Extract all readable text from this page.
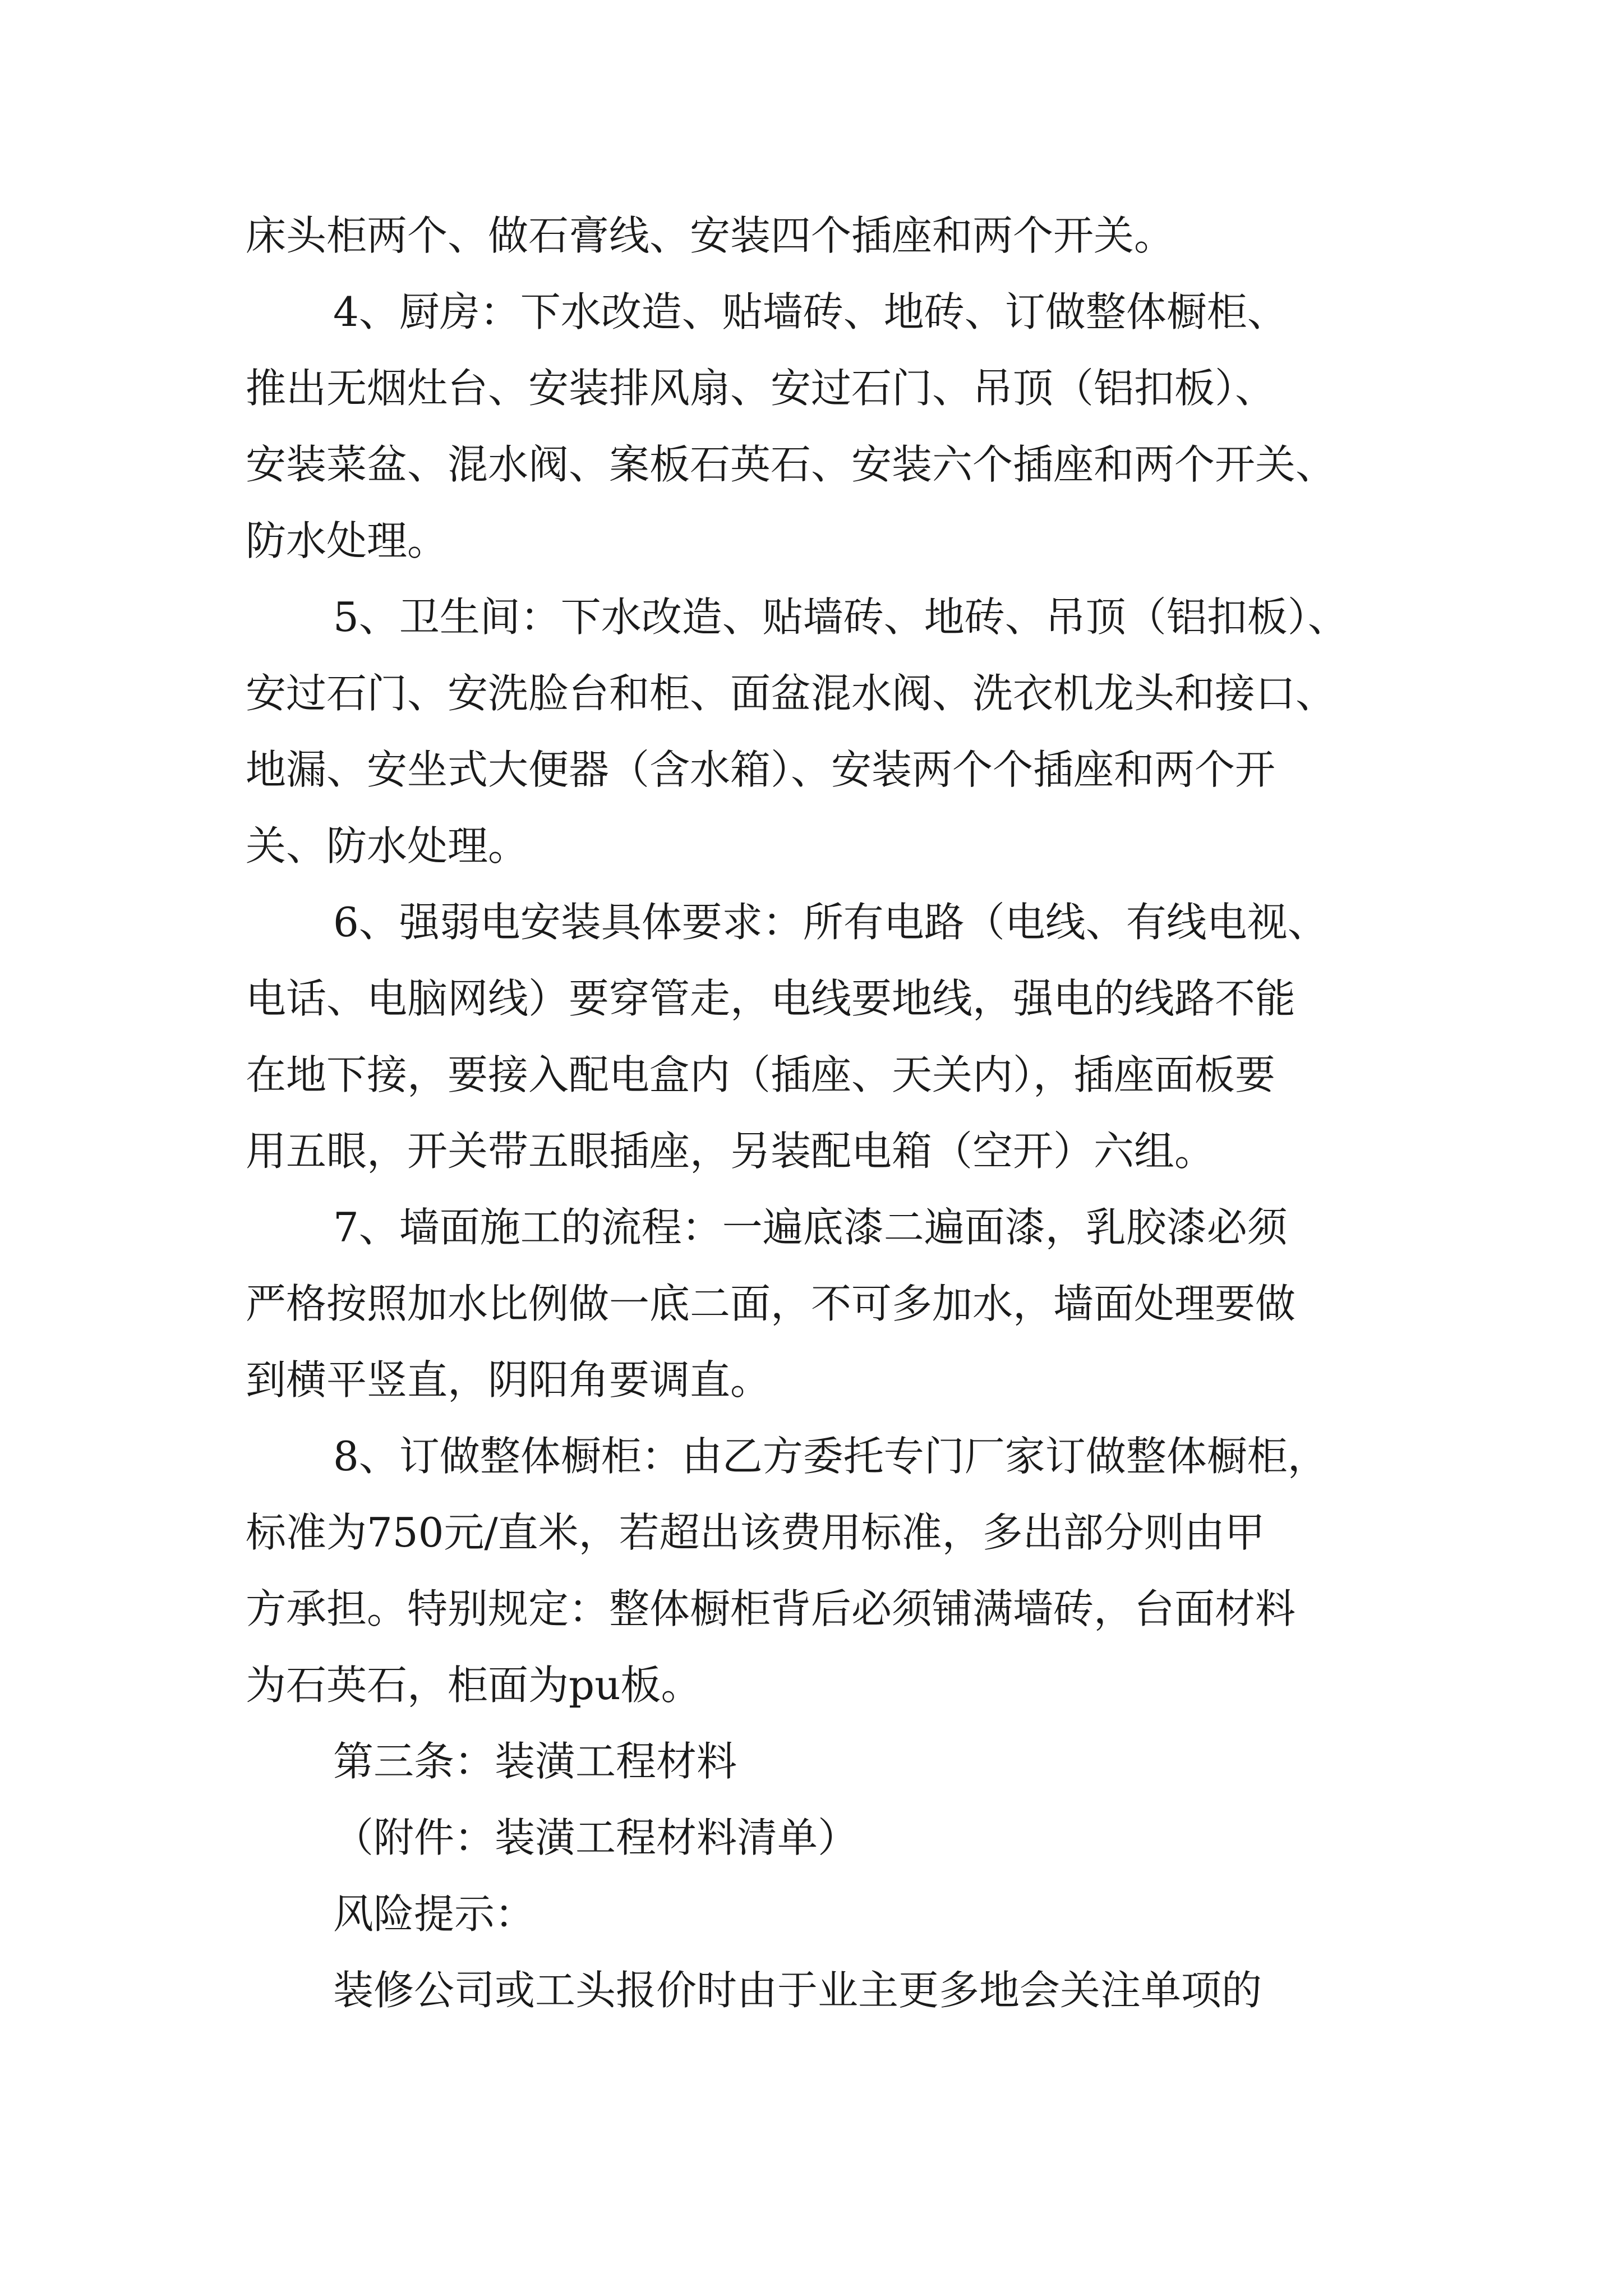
床头柜两个、做石膏线、安装四个插座和两个开关。
4、厨房：下水改造、贴墙砖、地砖、订做整体橱柜、
推出无烟灶台、安装排风扇、安过石门、吊顶（铝扣板）、
安装菜盆、混水阀、案板石英石、安装六个插座和两个开关、
防水处理。
5、卫生间：下水改造、贴墙砖、地砖、吊顶（铝扣板）、
安过石门、安洗脸台和柜、面盆混水阀、洗衣机龙头和接口、
地漏、安坐式大便器（含水箱）、安装两个个插座和两个开
关、防水处理。
6、强弱电安装具体要求：所有电路（电线、有线电视、
电话、电脑网线）要穿管走，电线要地线，强电的线路不能
在地下接，要接入配电盒内（插座、天关内），插座面板要
用五眼，开关带五眼插座，另装配电箱（空开）六组。
7、墙面施工的流程：一遍底漆二遍面漆，乳胶漆必须
严格按照加水比例做一底二面，不可多加水，墙面处理要做
到横平竖直，阴阳角要调直。
8、订做整体橱柜：由乙方委托专门厂家订做整体橱柜，
标准为750元/直米，若超出该费用标准，多出部分则由甲
方承担。特别规定：整体橱柜背后必须铺满墙砖，台面材料
为石英石，柜面为pu板。
第三条：装潢工程材料
（附件：装潢工程材料清单）
风险提示：
装修公司或工头报价时由于业主更多地会关注单项的
